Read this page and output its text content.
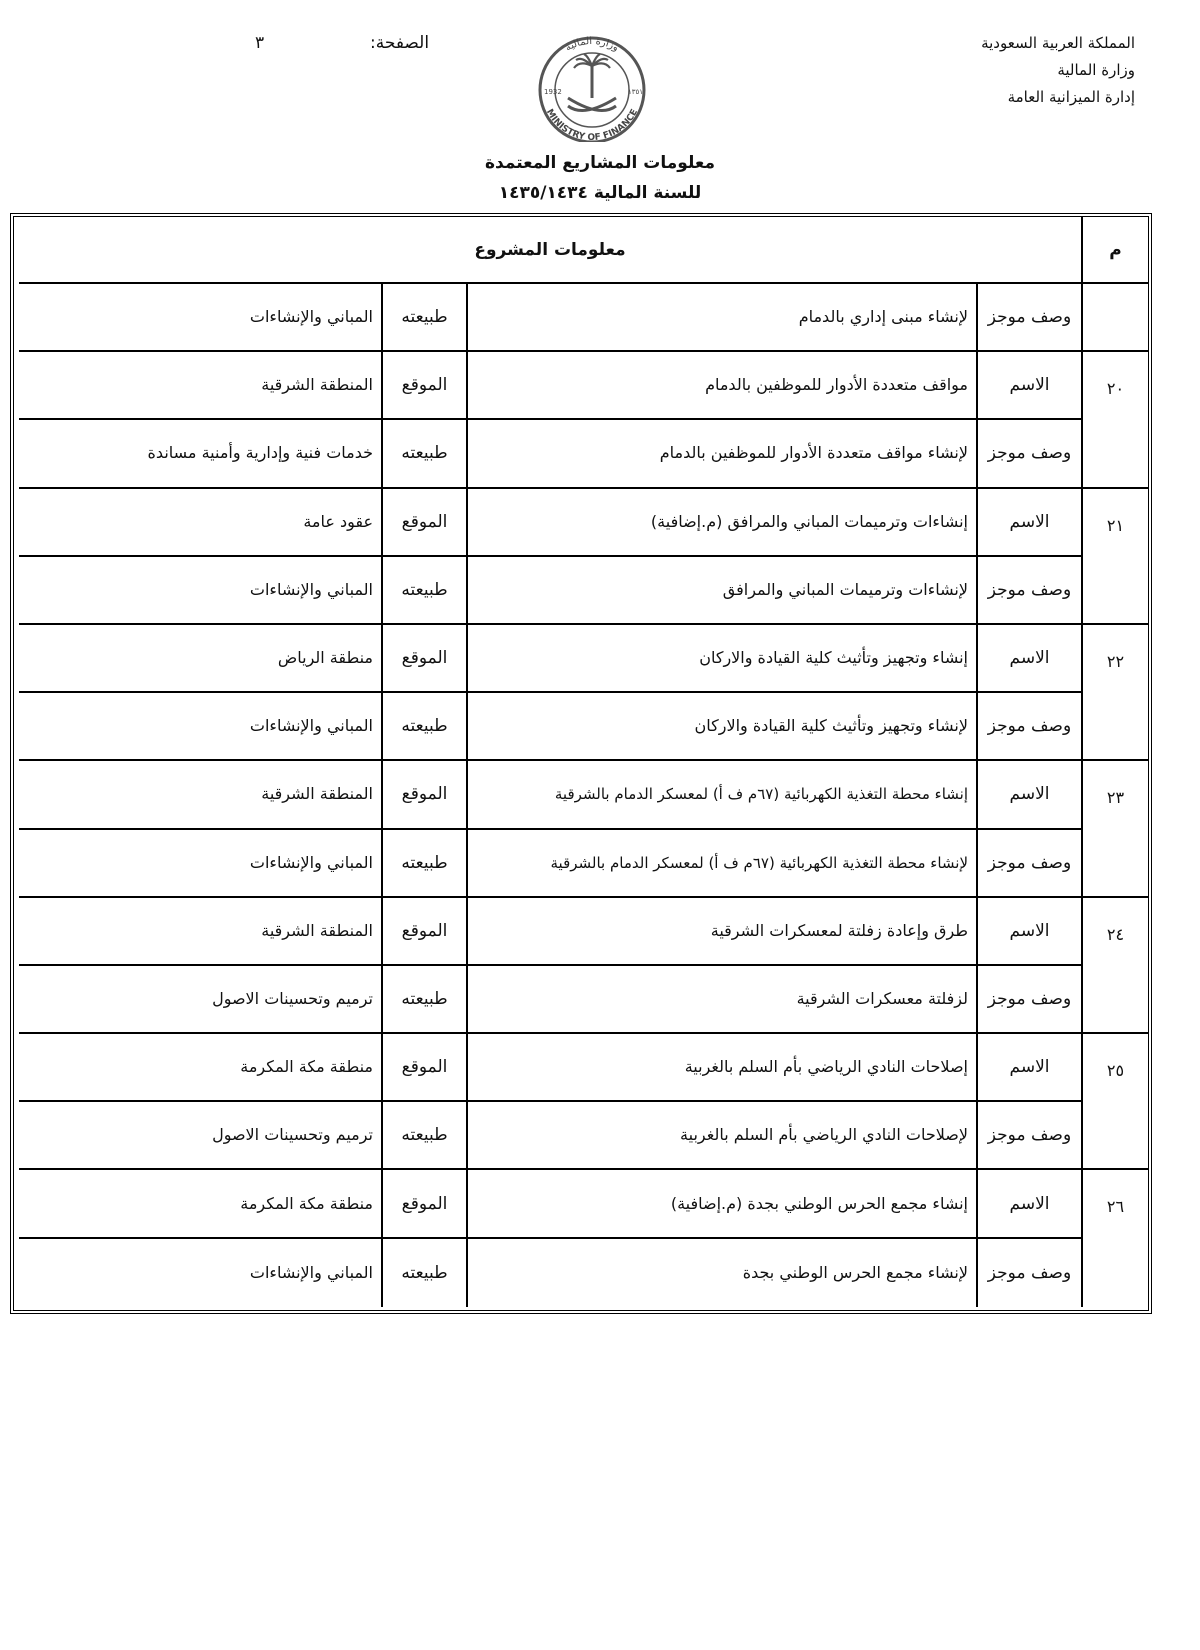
المملكة العربية السعودية
وزارة المالية
إدارة الميزانية العامة
الصفحة:
٣	وزارة المالية
MINISTRY OF FINANCE
1932	١٣٥١
معلومات المشاريع المعتمدة
للسنة المالية ١٤٣٥/١٤٣٤
م
معلومات المشروع
وصف موجز
لإنشاء مبنى إداري بالدمام
طبيعته
المباني والإنشاءات
٢٠
الاسم
مواقف متعددة الأدوار للموظفين بالدمام
الموقع
المنطقة الشرقية
وصف موجز
لإنشاء مواقف متعددة الأدوار للموظفين بالدمام
طبيعته
خدمات فنية وإدارية وأمنية مساندة
٢١
الاسم
إنشاءات وترميمات المباني والمرافق (م.إضافية)
الموقع
عقود عامة
وصف موجز
لإنشاءات وترميمات المباني والمرافق
طبيعته
المباني والإنشاءات
٢٢
الاسم
إنشاء وتجهيز وتأثيث كلية القيادة والاركان
الموقع
منطقة الرياض
وصف موجز
لإنشاء وتجهيز وتأثيث كلية القيادة والاركان
طبيعته
المباني والإنشاءات
٢٣
الاسم
إنشاء محطة التغذية الكهربائية (٦٧م ف أ) لمعسكر الدمام بالشرقية
الموقع
المنطقة الشرقية
وصف موجز
لإنشاء محطة التغذية الكهربائية (٦٧م ف أ) لمعسكر الدمام بالشرقية
طبيعته
المباني والإنشاءات
٢٤
الاسم
طرق وإعادة زفلتة لمعسكرات الشرقية
الموقع
المنطقة الشرقية
وصف موجز
لزفلتة معسكرات الشرقية
طبيعته
ترميم وتحسينات الاصول
٢٥
الاسم
إصلاحات النادي الرياضي بأم السلم بالغربية
الموقع
منطقة مكة المكرمة
وصف موجز
لإصلاحات النادي الرياضي بأم السلم بالغربية
طبيعته
ترميم وتحسينات الاصول
٢٦
الاسم
إنشاء مجمع الحرس الوطني بجدة (م.إضافية)
الموقع
منطقة مكة المكرمة
وصف موجز
لإنشاء مجمع الحرس الوطني بجدة
طبيعته
المباني والإنشاءات
